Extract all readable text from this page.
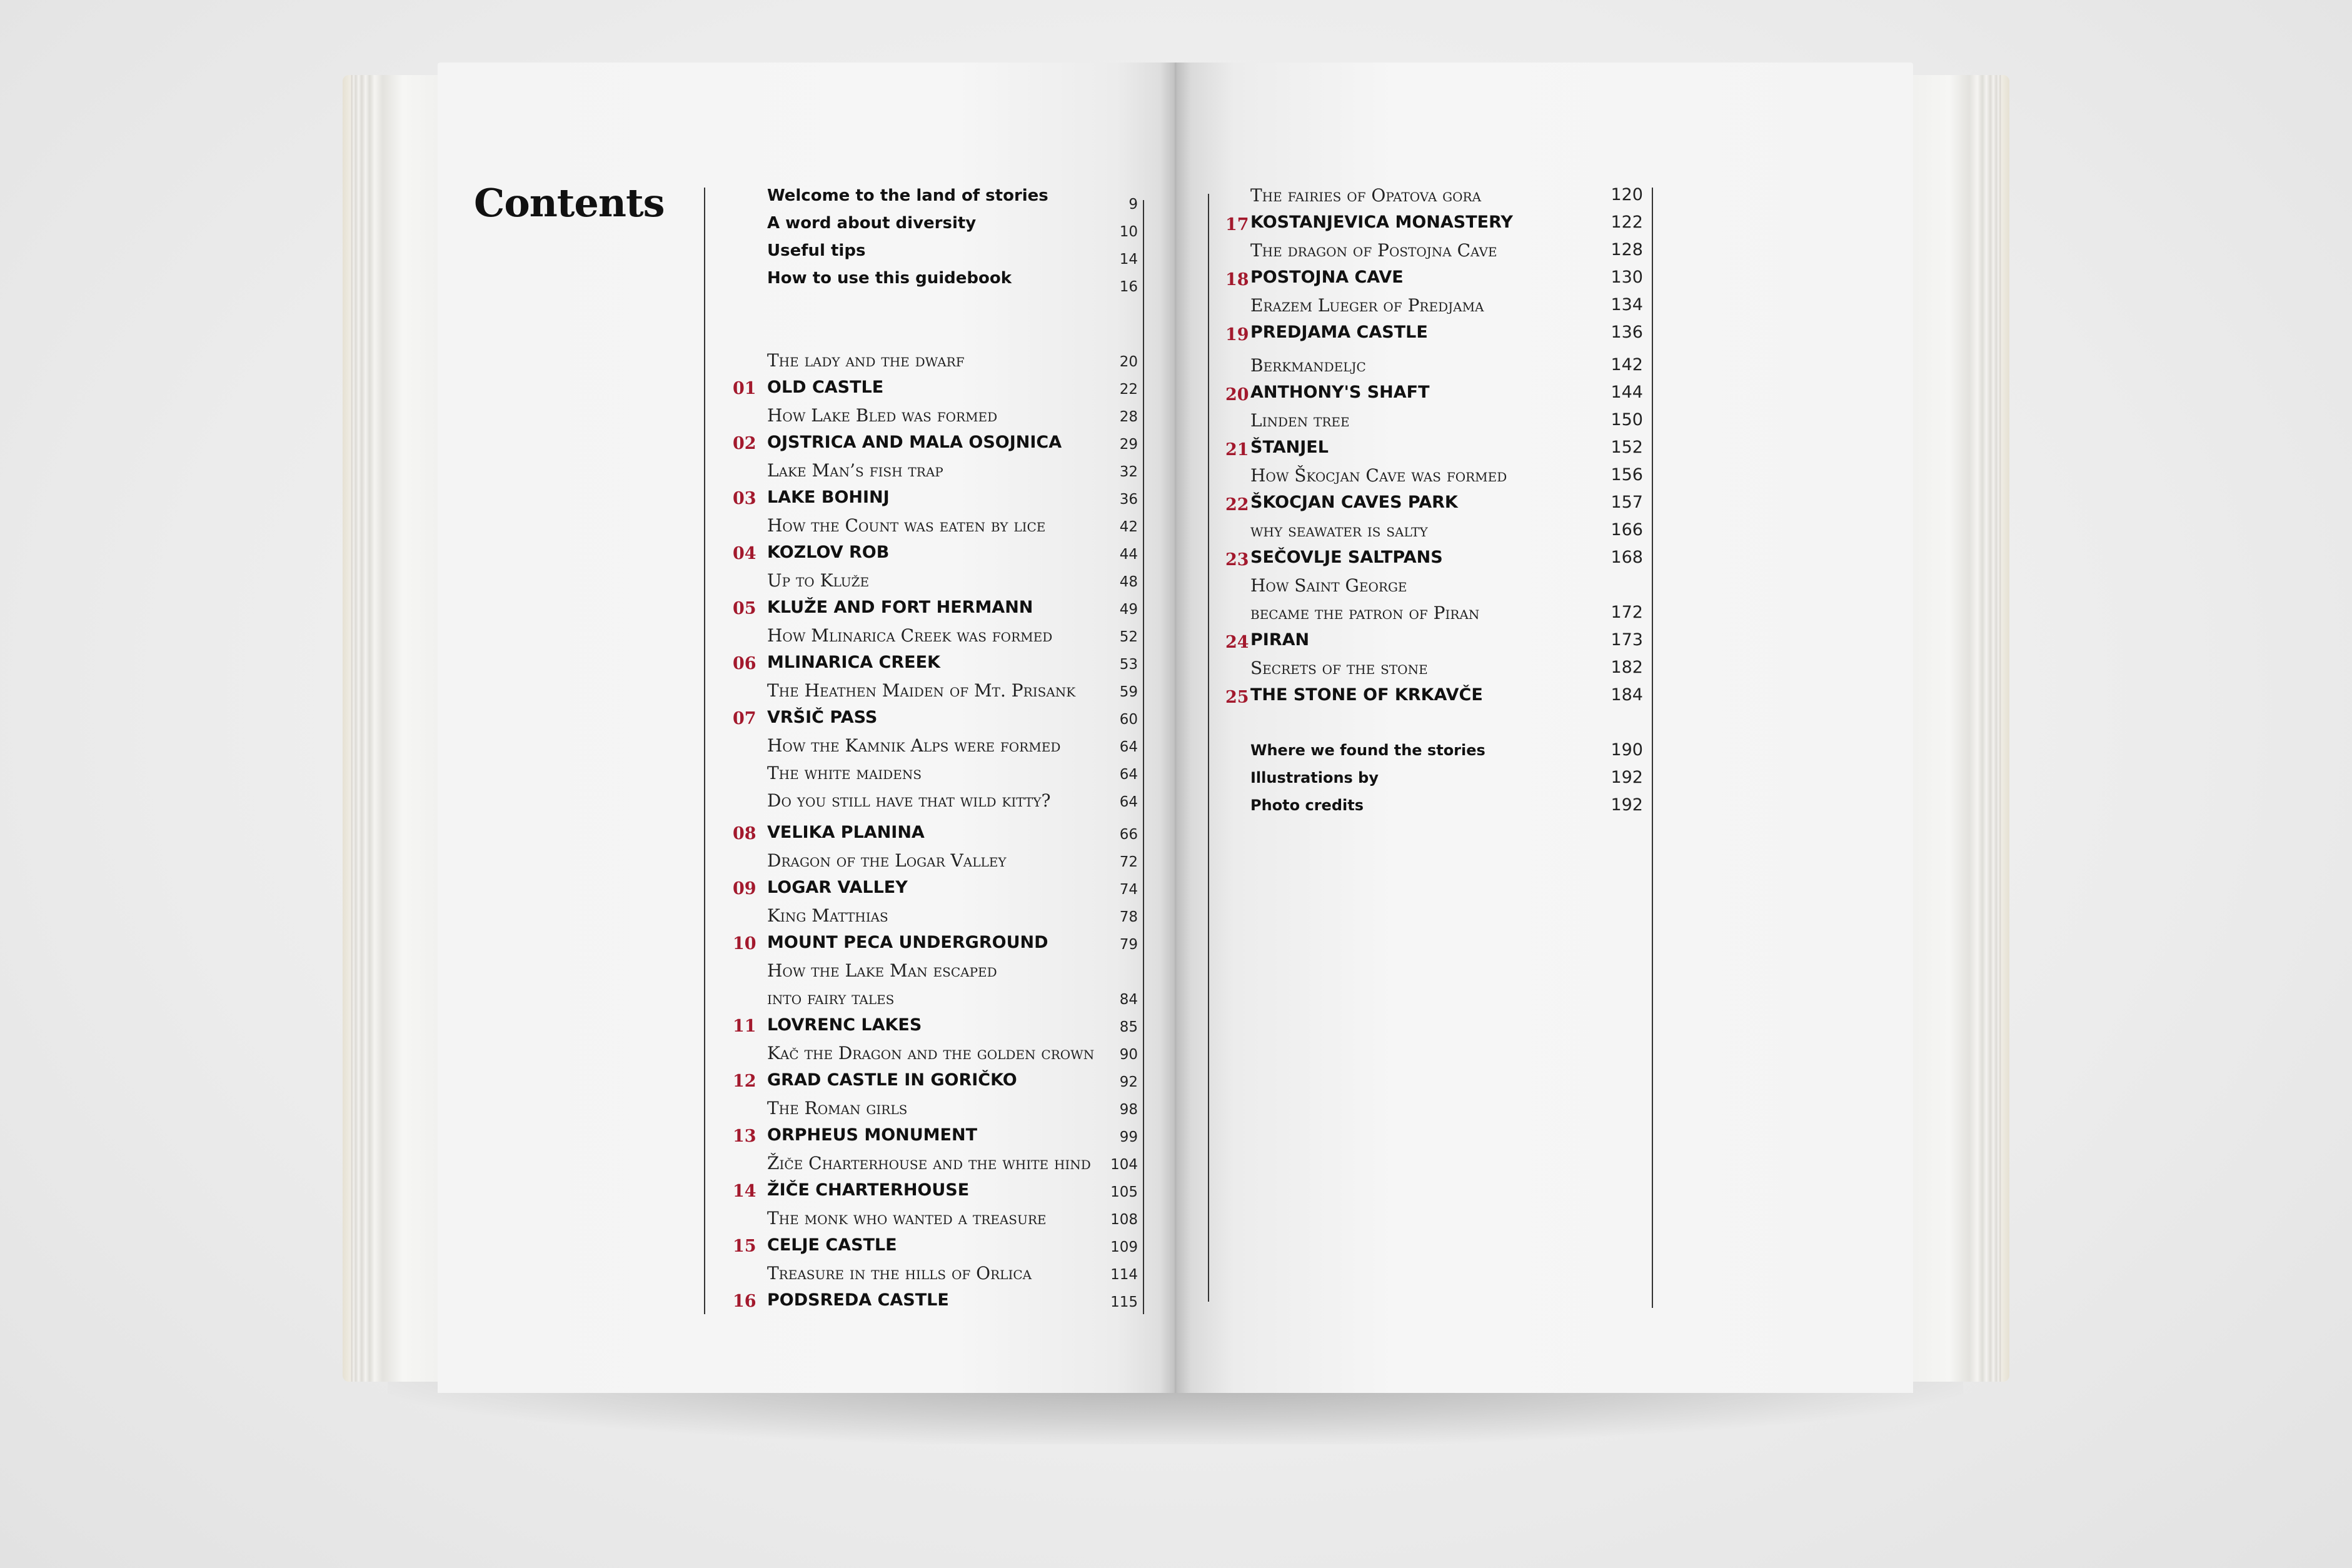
Contents	Welcome to the land of stories	9
A word about diversity	10
Useful tips	14
How to use this guidebook	16
The lady and the dwarf	20
01 OLD CASTLE	22
How Lake Bled was formed	28
02 OJSTRICA AND MALA OSOJNICA	29
Lake Man’s fish trap	32
03 LAKE BOHINJ	36
How the Count was eaten by lice	42
04 KOZLOV ROB	44
Up to Kluže	48
05 KLUŽE AND FORT HERMANN	49
How Mlinarica Creek was formed	52
06 MLINARICA CREEK	53
The Heathen Maiden of Mt. Prisank	59
07 VRŠIČ PASS	60
How the Kamnik Alps were formed	64
The white maidens	64
Do you still have that wild kitty?	64
08 VELIKA PLANINA	66
Dragon of the Logar Valley	72
09 LOGAR VALLEY	74
King Matthias	78
10 MOUNT PECA UNDERGROUND	79
How the Lake Man escaped
into fairy tales	84
11 LOVRENC LAKES	85
Kač the Dragon and the golden crown	90
12 GRAD CASTLE IN GORIČKO	92
The Roman girls	98
13 ORPHEUS MONUMENT	99
Žiče Charterhouse and the white hind	104
14 ŽIČE CHARTERHOUSE	105
The monk who wanted a treasure	108
15 CELJE CASTLE	109
Treasure in the hills of Orlica	114
16 PODSREDA CASTLE	115
The fairies of Opatova gora	120
17 KOSTANJEVICA MONASTERY	122
The dragon of Postojna Cave	128
18 POSTOJNA CAVE	130
Erazem Lueger of Predjama	134
19 PREDJAMA CASTLE	136
Berkmandeljc	142
20 ANTHONY'S SHAFT	144
Linden tree	150
21 ŠTANJEL	152
How Škocjan Cave was formed	156
22 ŠKOCJAN CAVES PARK	157
why seawater is salty	166
23 SEČOVLJE SALTPANS	168
How Saint George
became the patron of Piran	172
24 PIRAN	173
Secrets of the stone	182
25 THE STONE OF KRKAVČE	184
Where we found the stories	190
Illustrations by	192
Photo credits	192
